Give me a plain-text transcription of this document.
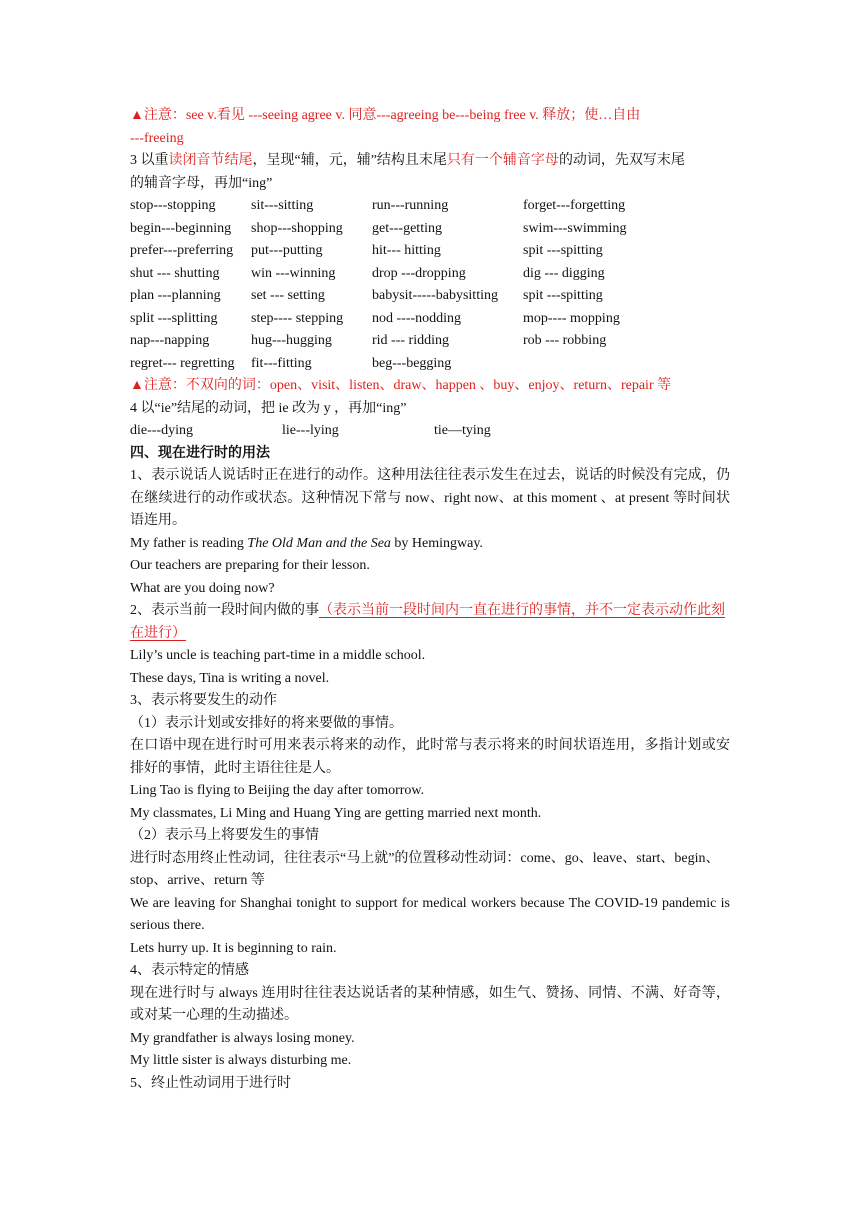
▲注意：see v.看见 ---seeing agree v. 同意---agreeing be---being free v. 释放；使…自由
---freeing
3 以重读闭音节结尾，呈现“辅，元，辅”结构且末尾只有一个辅音字母的动词，先双写末尾
的辅音字母，再加“ing”
stop---stopping	sit---sitting	run---running	forget---forgetting
begin---beginning	shop---shopping	get---getting	swim---swimming
prefer---preferring	put---putting	hit--- hitting	spit ---spitting
shut --- shutting	win ---winning	drop ---dropping	dig --- digging
plan ---planning	set --- setting	babysit-----babysitting	spit ---spitting
split ---splitting	step---- stepping	nod ----nodding	mop---- mopping
nap---napping	hug---hugging	rid --- ridding	rob --- robbing
regret--- regretting	fit---fitting	beg---begging
▲注意：不双向的词：open、visit、listen、draw、happen 、buy、enjoy、return、repair 等
4 以“ie”结尾的动词，把 ie 改为 y ，再加“ing”
die---dying	lie---lying	tie—tying
四、现在进行时的用法
1、表示说话人说话时正在进行的动作。这种用法往往表示发生在过去，说话的时候没有完成，仍在继续进行的动作或状态。这种情况下常与 now、right now、at this moment 、at present 等时间状语连用。
My father is reading The Old Man and the Sea by Hemingway.
Our teachers are preparing for their lesson.
What are you doing now?
2、表示当前一段时间内做的事（表示当前一段时间内一直在进行的事情，并不一定表示动作此刻在进行）
Lily’s uncle is teaching part-time in a middle school.
These days, Tina is writing a novel.
3、表示将要发生的动作
（1）表示计划或安排好的将来要做的事情。
在口语中现在进行时可用来表示将来的动作，此时常与表示将来的时间状语连用，多指计划或安排好的事情，此时主语往往是人。
Ling Tao is flying to Beijing the day after tomorrow.
My classmates, Li Ming and Huang Ying are getting married next month.
（2）表示马上将要发生的事情
进行时态用终止性动词，往往表示“马上就”的位置移动性动词：come、go、leave、start、begin、stop、arrive、return 等
We are leaving for Shanghai tonight to support for medical workers because The COVID-19 pandemic is serious there.
Lets hurry up. It is beginning to rain.
4、表示特定的情感
现在进行时与 always 连用时往往表达说话者的某种情感，如生气、赞扬、同情、不满、好奇等，或对某一心理的生动描述。
My grandfather is always losing money.
My little sister is always disturbing me.
5、终止性动词用于进行时
